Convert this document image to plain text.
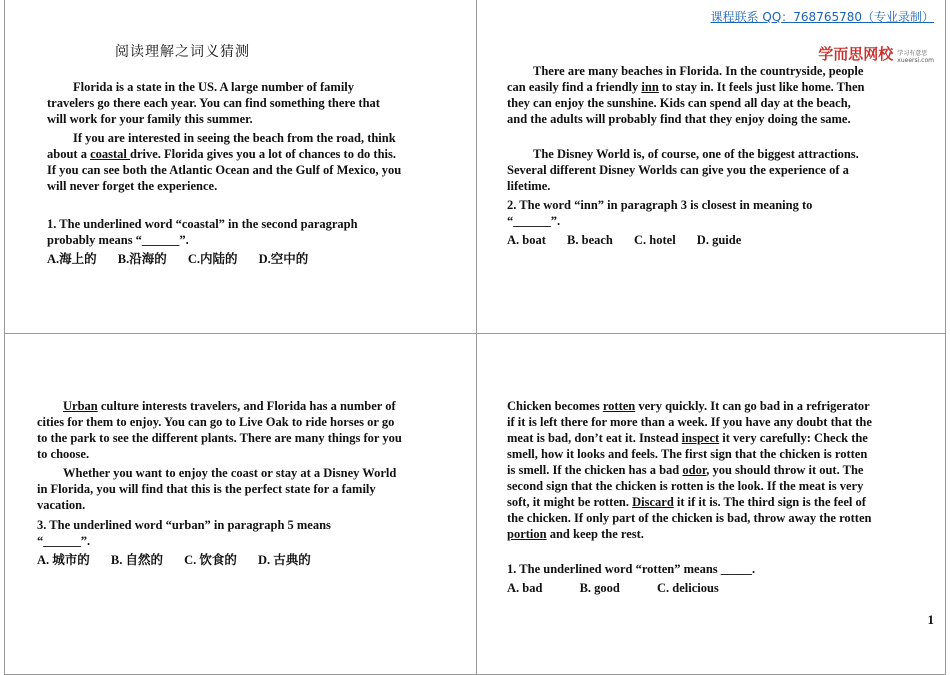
课程联系 QQ：768765780（专业录制）
学而思网校 学习有意思
xueersi.com
阅读理解之词义猜测

Florida is a state in the US. A large number of family travelers go there each year. You can find something there that will work for your family this summer.

If you are interested in seeing the beach from the road, think about a coastal drive. Florida gives you a lot of chances to do this. If you can see both the Atlantic Ocean and the Gulf of Mexico, you will never forget the experience.

1. The underlined word “coastal” in the second paragraph probably means “______”.

A.海上的 B.沿海的 C.内陆的 D.空中的

There are many beaches in Florida. In the countryside, people can easily find a friendly inn to stay in. It feels just like home. Then they can enjoy the sunshine. Kids can spend all day at the beach, and the adults will probably find that they enjoy doing the same.

The Disney World is, of course, one of the biggest attractions. Several different Disney Worlds can give you the experience of a lifetime.

2. The word “inn” in paragraph 3 is closest in meaning to “______”.

A. boat B. beach C. hotel D. guide

Urban culture interests travelers, and Florida has a number of cities for them to enjoy. You can go to Live Oak to ride horses or go to the park to see the different plants. There are many things for you to choose.

Whether you want to enjoy the coast or stay at a Disney World in Florida, you will find that this is the perfect state for a family vacation.

3. The underlined word “urban” in paragraph 5 means “______”.

A. 城市的 B. 自然的 C. 饮食的 D. 古典的

Chicken becomes rotten very quickly. It can go bad in a refrigerator if it is left there for more than a week. If you have any doubt that the meat is bad, don’t eat it. Instead inspect it very carefully: Check the smell, how it looks and feels. The first sign that the chicken is rotten is smell. If the chicken has a bad odor, you should throw it out. The second sign that the chicken is rotten is the look. If the meat is very soft, it might be rotten. Discard it if it is. The third sign is the feel of the chicken. If only part of the chicken is bad, throw away the rotten portion and keep the rest.

1. The underlined word “rotten” means _____.

A. bad	B. good	C. delicious
1
